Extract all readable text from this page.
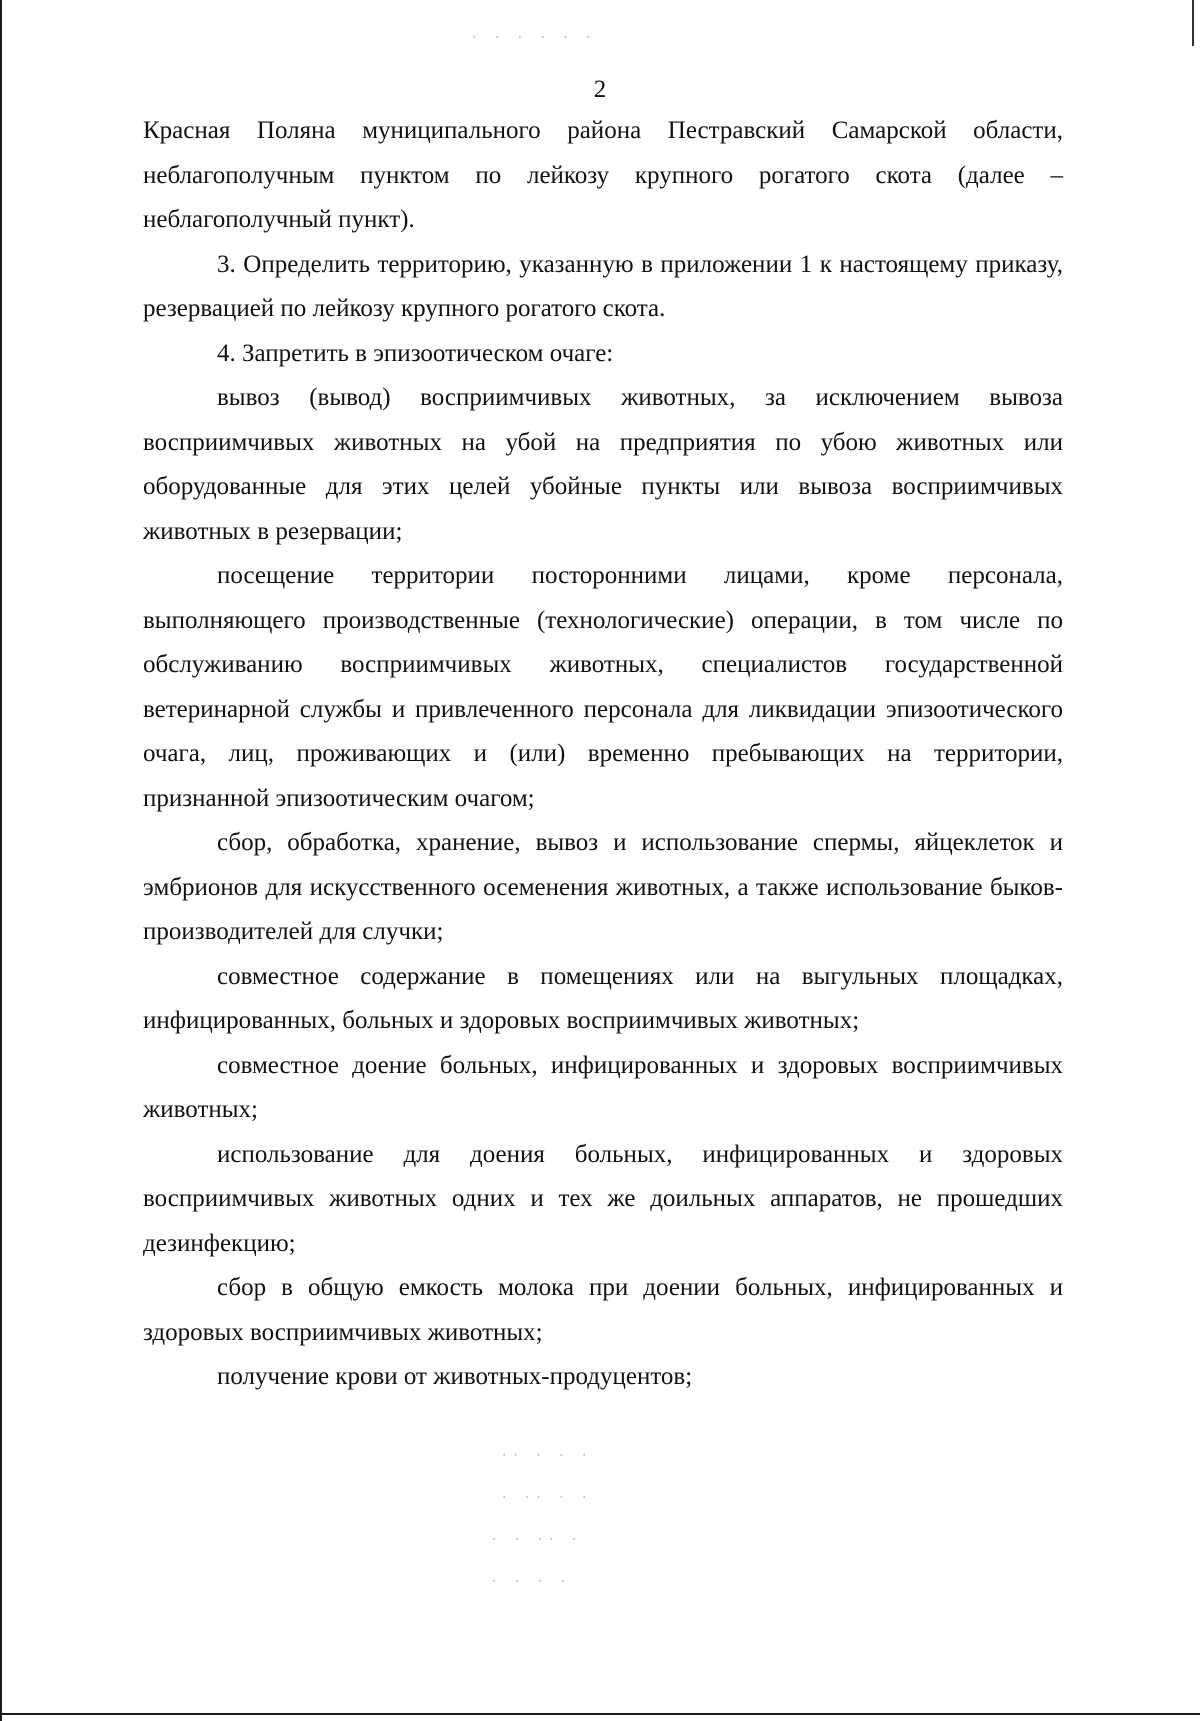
· · · · · ·
·· · · ·
· ·· · ·
· · ·· ·
· · · ·
2

Красная Поляна муниципального района Пестравский Самарской области, неблагополучным пунктом по лейкозу крупного рогатого скота (далее – неблагополучный пункт).

3. Определить территорию, указанную в приложении 1 к настоящему приказу, резервацией по лейкозу крупного рогатого скота.

4. Запретить в эпизоотическом очаге:

вывоз (вывод) восприимчивых животных, за исключением вывоза восприимчивых животных на убой на предприятия по убою животных или оборудованные для этих целей убойные пункты или вывоза восприимчивых животных в резервации;

посещение территории посторонними лицами, кроме персонала, выполняющего производственные (технологические) операции, в том числе по обслуживанию восприимчивых животных, специалистов государственной ветеринарной службы и привлеченного персонала для ликвидации эпизоотического очага, лиц, проживающих и (или) временно пребывающих на территории, признанной эпизоотическим очагом;

сбор, обработка, хранение, вывоз и использование спермы, яйцеклеток и эмбрионов для искусственного осеменения животных, а также использование быков-производителей для случки;

совместное содержание в помещениях или на выгульных площадках, инфицированных, больных и здоровых восприимчивых животных;

совместное доение больных, инфицированных и здоровых восприимчивых животных;

использование для доения больных, инфицированных и здоровых восприимчивых животных одних и тех же доильных аппаратов, не прошедших дезинфекцию;

сбор в общую емкость молока при доении больных, инфицированных и здоровых восприимчивых животных;

получение крови от животных-продуцентов;
